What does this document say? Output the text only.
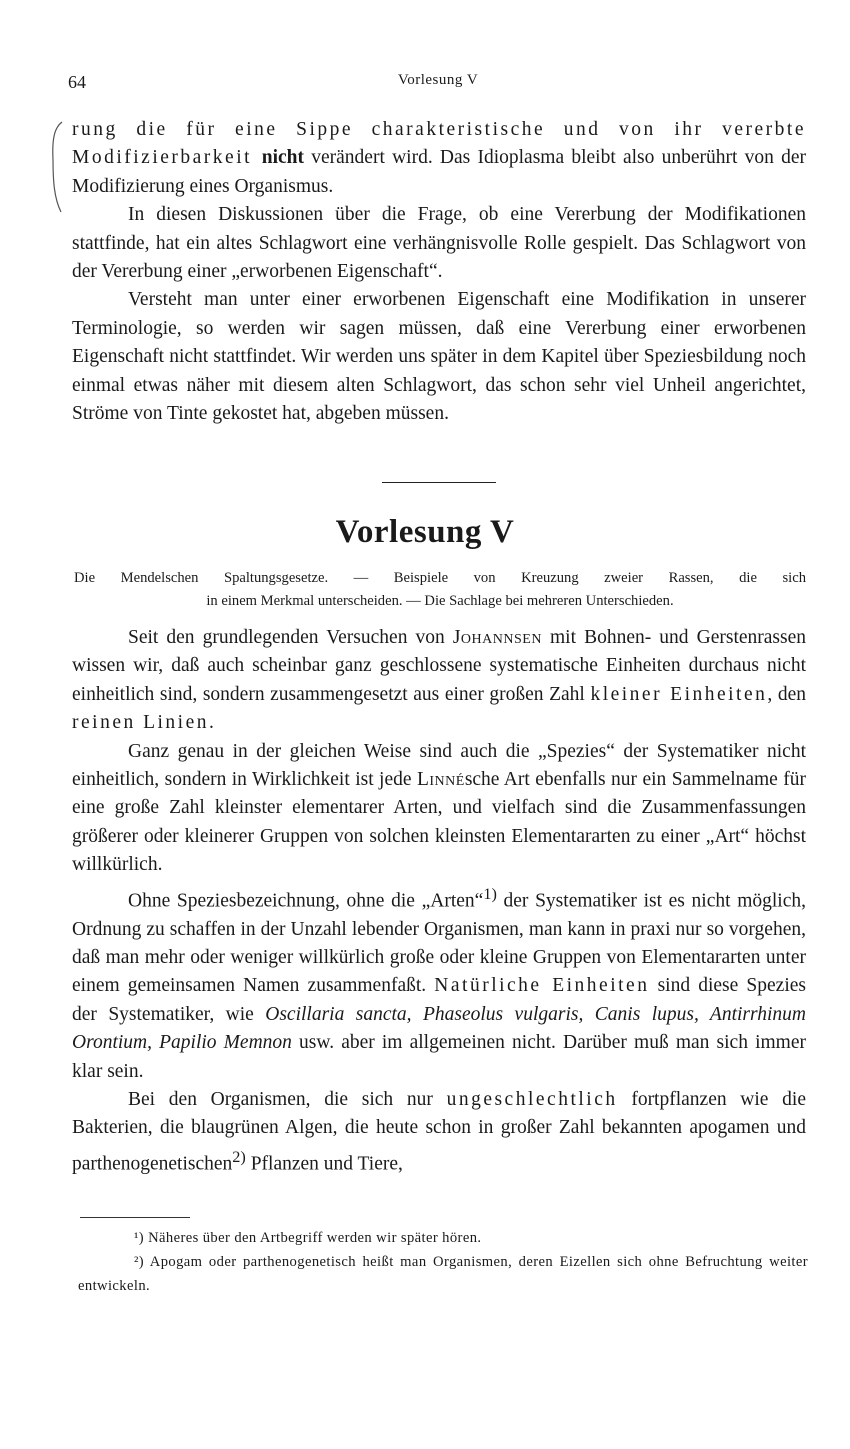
64	Vorlesung V

rung die für eine Sippe charakteristische und von ihr vererbte Modifizierbarkeit nicht verändert wird. Das Idioplasma bleibt also unberührt von der Modifizierung eines Organismus.

In diesen Diskussionen über die Frage, ob eine Vererbung der Modifikationen stattfinde, hat ein altes Schlagwort eine verhängnisvolle Rolle gespielt. Das Schlagwort von der Vererbung einer „erworbenen Eigenschaft“.

Versteht man unter einer erworbenen Eigenschaft eine Modifikation in unserer Terminologie, so werden wir sagen müssen, daß eine Vererbung einer erworbenen Eigenschaft nicht stattfindet. Wir werden uns später in dem Kapitel über Speziesbildung noch einmal etwas näher mit diesem alten Schlagwort, das schon sehr viel Unheil angerichtet, Ströme von Tinte gekostet hat, abgeben müssen.

Vorlesung V
Die Mendelschen Spaltungsgesetze. — Beispiele von Kreuzung zweier Rassen, die sich
in einem Merkmal unterscheiden. — Die Sachlage bei mehreren Unterschieden.

Seit den grundlegenden Versuchen von Johannsen mit Bohnen- und Gerstenrassen wissen wir, daß auch scheinbar ganz geschlossene systematische Einheiten durchaus nicht einheitlich sind, sondern zusammengesetzt aus einer großen Zahl kleiner Einheiten, den reinen Linien.

Ganz genau in der gleichen Weise sind auch die „Spezies“ der Systematiker nicht einheitlich, sondern in Wirklichkeit ist jede Linnésche Art ebenfalls nur ein Sammelname für eine große Zahl kleinster elementarer Arten, und vielfach sind die Zusammenfassungen größerer oder kleinerer Gruppen von solchen kleinsten Elementararten zu einer „Art“ höchst willkürlich.

Ohne Speziesbezeichnung, ohne die „Arten“$^{1)}$ der Systematiker ist es nicht möglich, Ordnung zu schaffen in der Unzahl lebender Organismen, man kann in praxi nur so vorgehen, daß man mehr oder weniger willkürlich große oder kleine Gruppen von Elementararten unter einem gemeinsamen Namen zusammenfaßt. Natürliche Einheiten sind diese Spezies der Systematiker, wie Oscillaria sancta, Phaseolus vulgaris, Canis lupus, Antirrhinum Orontium, Papilio Memnon usw. aber im allgemeinen nicht. Darüber muß man sich immer klar sein.

Bei den Organismen, die sich nur ungeschlechtlich fortpflanzen wie die Bakterien, die blaugrünen Algen, die heute schon in großer Zahl bekannten apogamen und parthenogenetischen$^{2)}$ Pflanzen und Tiere,

¹) Näheres über den Artbegriff werden wir später hören.

²) Apogam oder parthenogenetisch heißt man Organismen, deren Eizellen sich ohne Befruchtung weiter entwickeln.
